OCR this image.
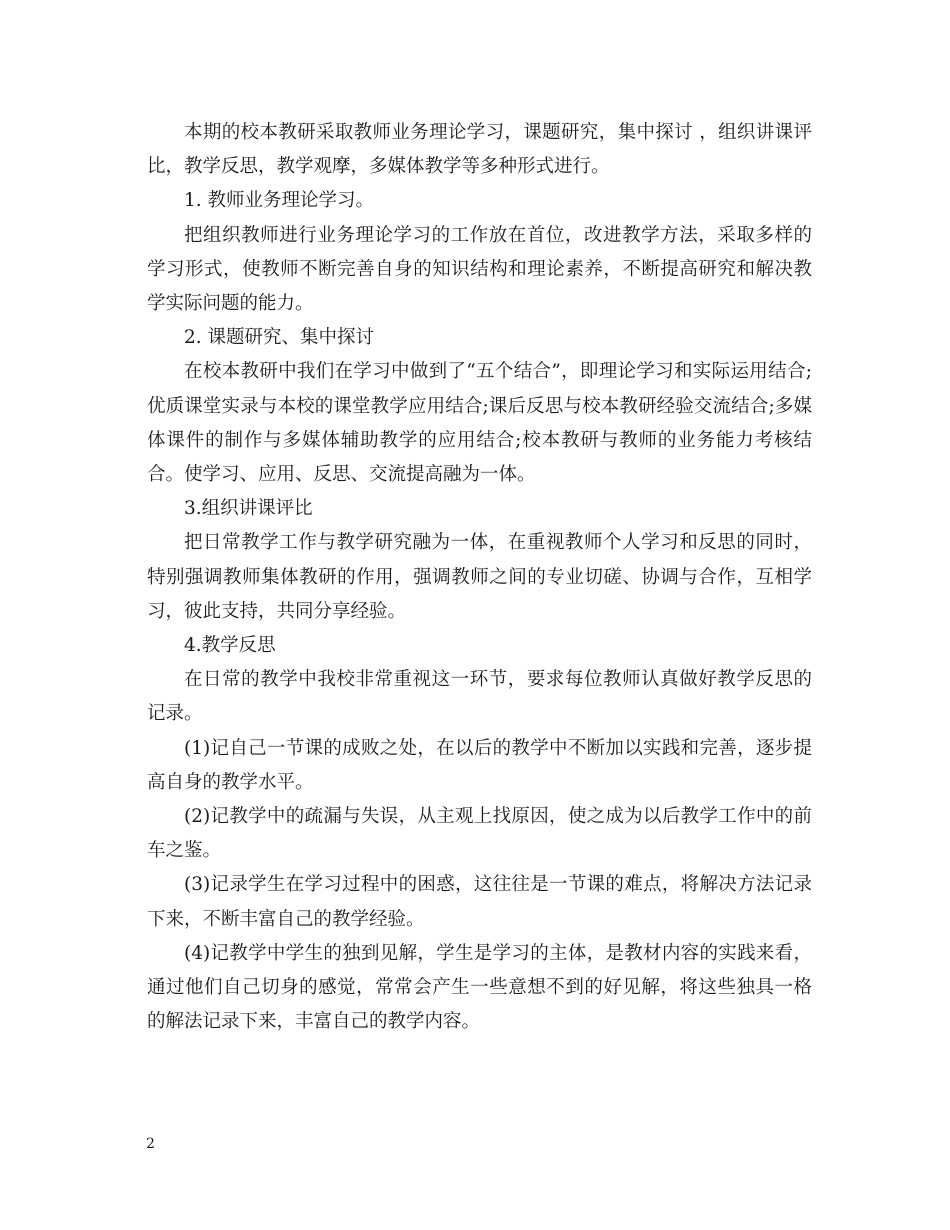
本期的校本教研采取教师业务理论学习，课题研究，集中探讨 ，组织讲课评比，教学反思，教学观摩，多媒体教学等多种形式进行。

1. 教师业务理论学习。

把组织教师进行业务理论学习的工作放在首位，改进教学方法，采取多样的学习形式，使教师不断完善自身的知识结构和理论素养，不断提高研究和解决教学实际问题的能力。

2. 课题研究、集中探讨

在校本教研中我们在学习中做到了“五个结合”，即理论学习和实际运用结合;优质课堂实录与本校的课堂教学应用结合;课后反思与校本教研经验交流结合;多媒体课件的制作与多媒体辅助教学的应用结合;校本教研与教师的业务能力考核结合。使学习、应用、反思、交流提高融为一体。

3.组织讲课评比

把日常教学工作与教学研究融为一体，在重视教师个人学习和反思的同时，特别强调教师集体教研的作用，强调教师之间的专业切磋、协调与合作，互相学习，彼此支持，共同分享经验。

4.教学反思

在日常的教学中我校非常重视这一环节，要求每位教师认真做好教学反思的记录。

(1)记自己一节课的成败之处，在以后的教学中不断加以实践和完善，逐步提高自身的教学水平。

(2)记教学中的疏漏与失误，从主观上找原因，使之成为以后教学工作中的前车之鉴。

(3)记录学生在学习过程中的困惑，这往往是一节课的难点，将解决方法记录下来，不断丰富自己的教学经验。

(4)记教学中学生的独到见解，学生是学习的主体，是教材内容的实践来看，通过他们自己切身的感觉，常常会产生一些意想不到的好见解，将这些独具一格的解法记录下来，丰富自己的教学内容。

2
